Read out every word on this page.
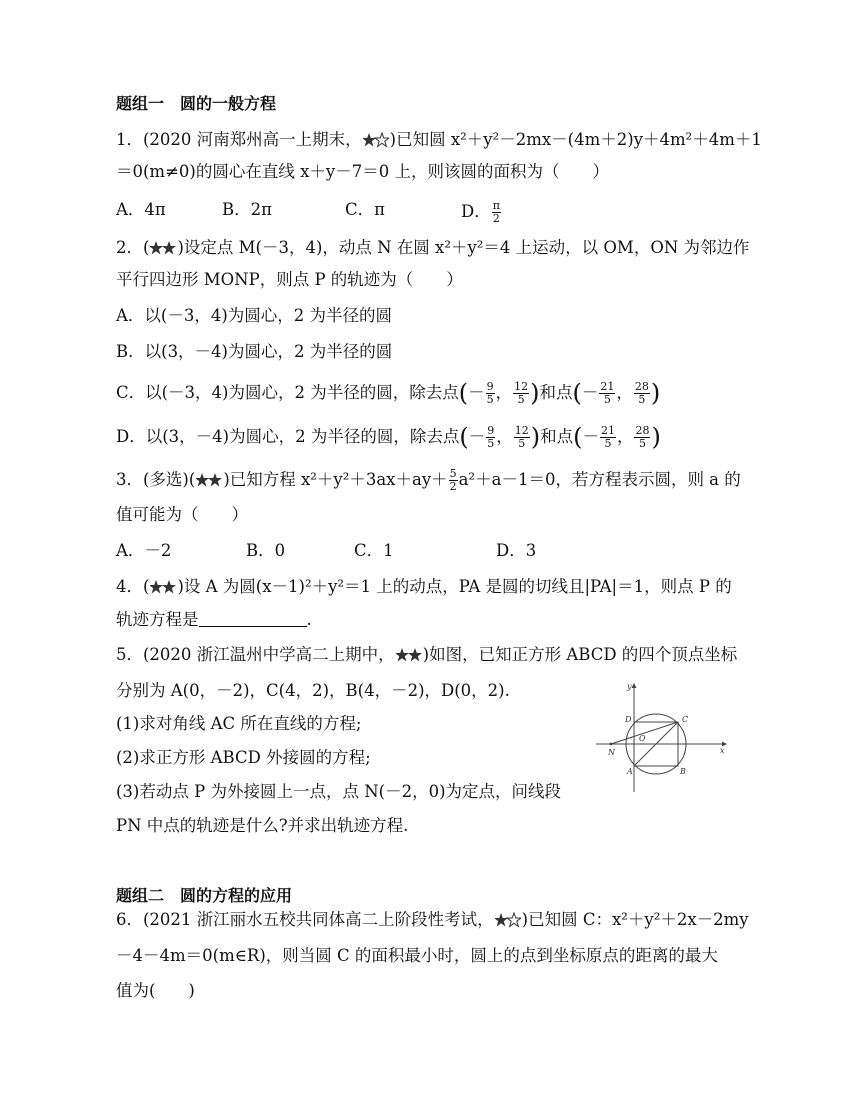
题组一 圆的一般方程
1．(2020 河南郑州高一上期末， )已知圆 x²＋y²－2mx－(4m＋2)y＋4m²＋4m＋1
＝0(m≠0)的圆心在直线 x＋y－7＝0 上，则该圆的面积为（　　）
A．4π	B．2π	C．π	D． $\frac{\pi}{2}$
2．( )设定点 M(－3，4)，动点 N 在圆 x²＋y²＝4 上运动，以 OM，ON 为邻边作
平行四边形 MONP，则点 P 的轨迹为（　　）
A．以(－3，4)为圆心，2 为半径的圆
B．以(3，－4)为圆心，2 为半径的圆
C．以(－3，4)为圆心，2 为半径的圆，除去点(－ $\frac{9}{5}$ ， $\frac{12}{5}$ )和点(－ $\frac{21}{5}$ ， $\frac{28}{5}$ )
D．以(3，－4)为圆心，2 为半径的圆，除去点(－ $\frac{9}{5}$ ， $\frac{12}{5}$ )和点(－ $\frac{21}{5}$ ， $\frac{28}{5}$ )
3．(多选)( )已知方程 $x^2+y^2+3ax+ay+ \frac{5}{2} a^2+a-1=0$，若方程表示圆，则 a 的
值可能为（　　）
A．－2	B．0	C．1	D．3
4．( )设 A 为圆(x－1)²＋y²＝1 上的动点，PA 是圆的切线且|PA|＝1，则点 P 的
轨迹方程是	.
5．(2020 浙江温州中学高二上期中， )如图，已知正方形 ABCD 的四个顶点坐标
分别为 A(0，－2)，C(4，2)，B(4，－2)，D(0，2).
(1)求对角线 AC 所在直线的方程;
(2)求正方形 ABCD 外接圆的方程;
(3)若动点 P 为外接圆上一点，点 N(－2，0)为定点，问线段
PN 中点的轨迹是什么?并求出轨迹方程.
y
x
O
A	B
C
D
N
题组二 圆的方程的应用
6．(2021 浙江丽水五校共同体高二上阶段性考试， )已知圆 C：x²＋y²＋2x－2my
－4－4m＝0(m∈R)，则当圆 C 的面积最小时，圆上的点到坐标原点的距离的最大
值为(　　)
